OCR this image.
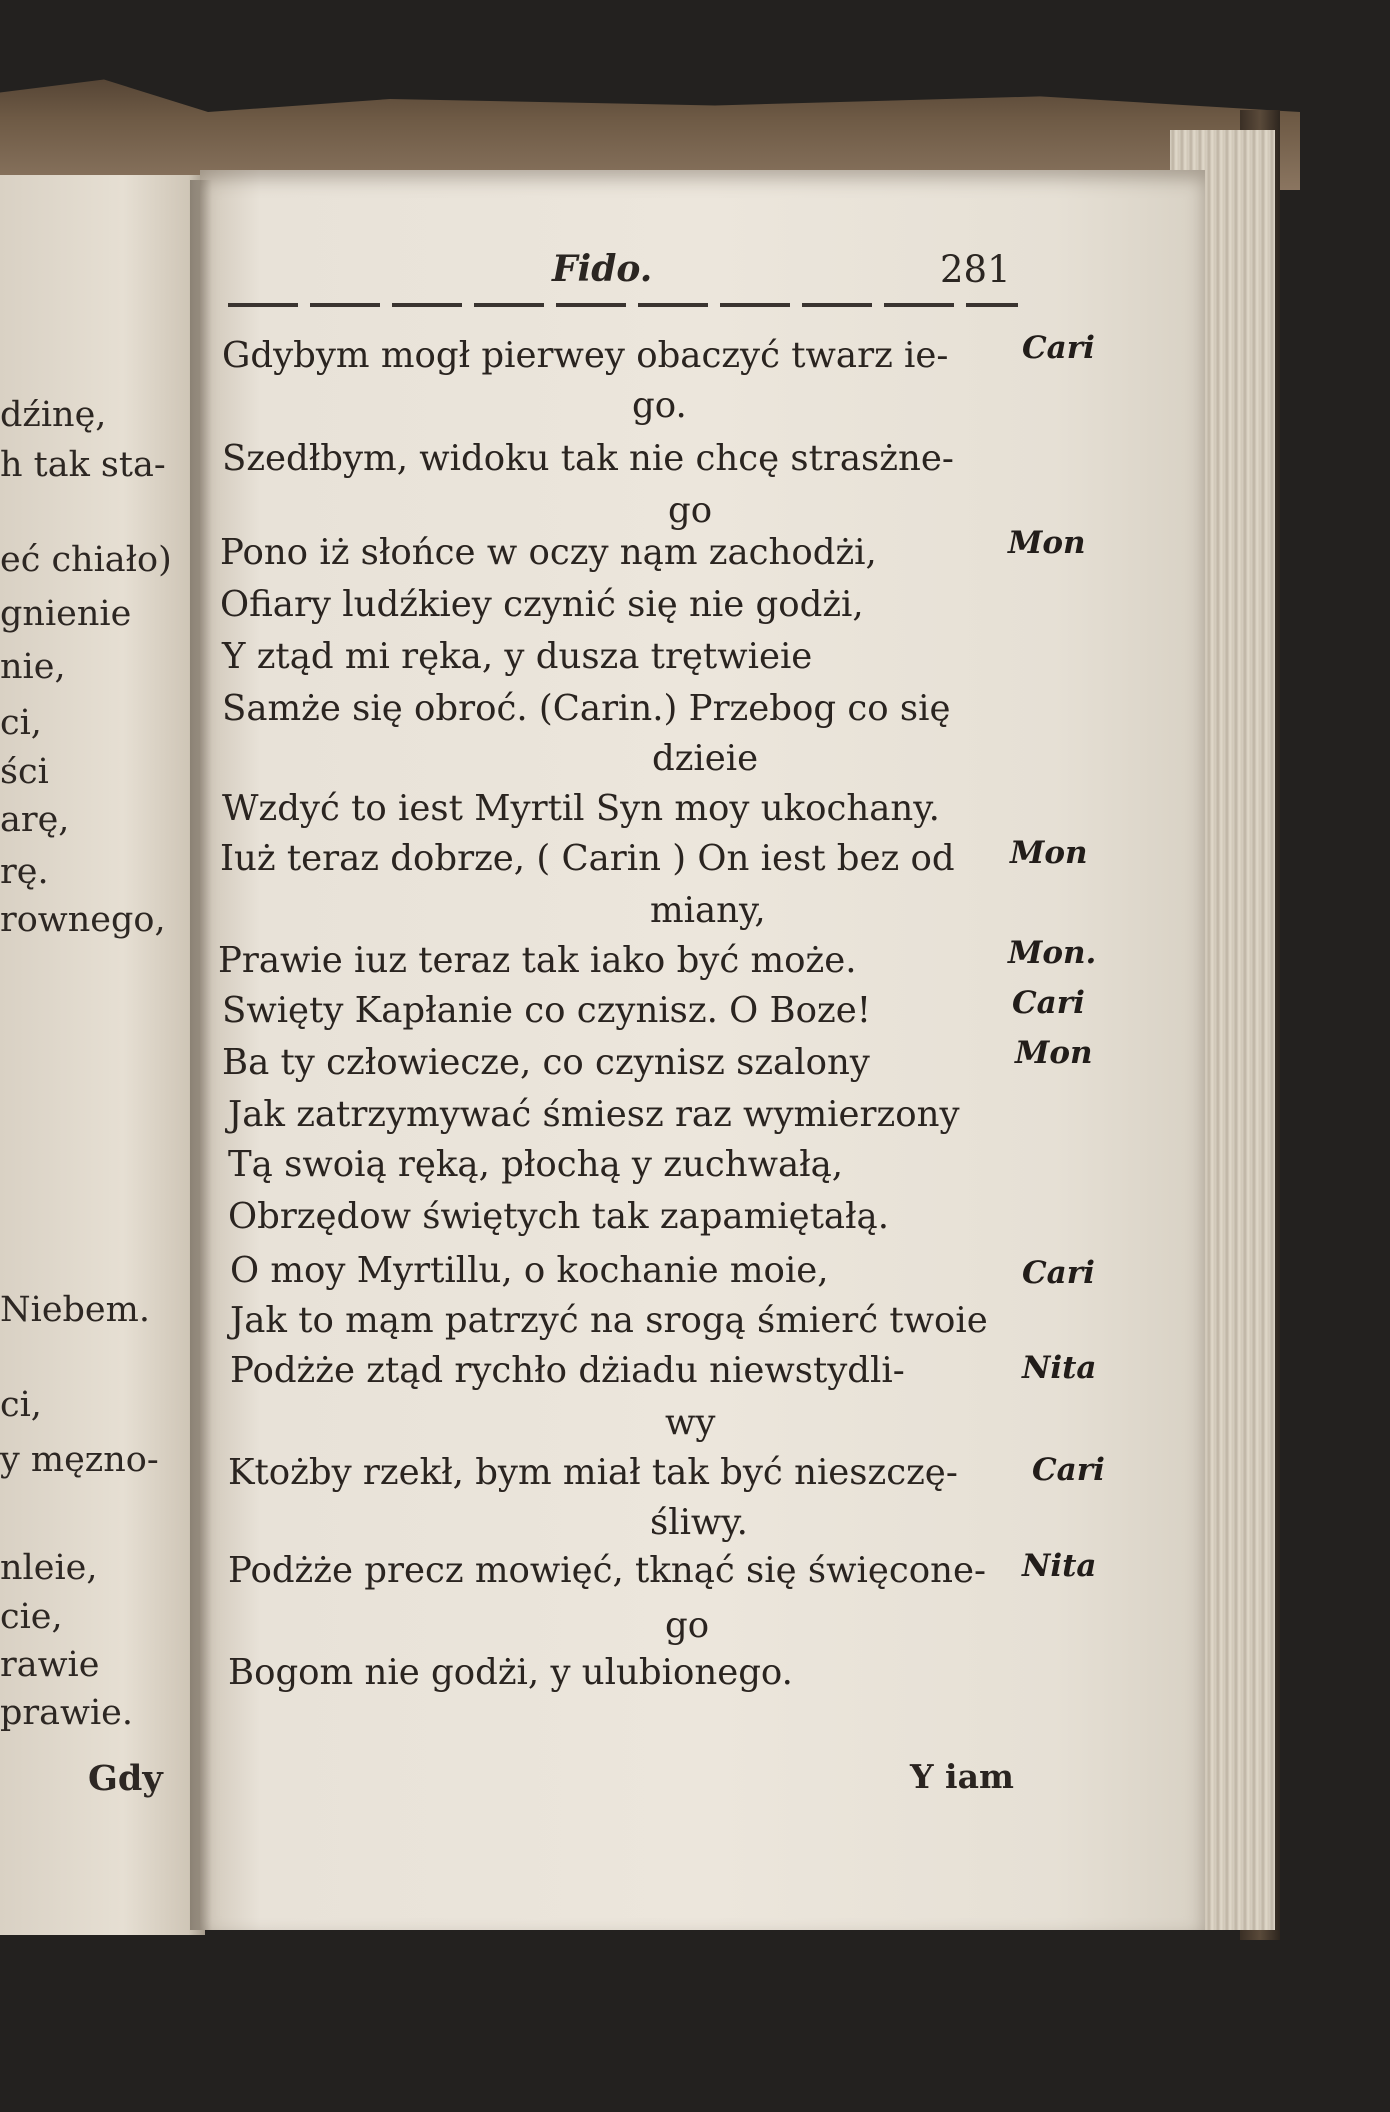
dźinę,
h tak sta-
eć chiało)
gnienie
nie,
ci,
ści
arę,
rę.
rownego,
Niebem.
ci,
y męzno-
nleie,
cie,
rawie
prawie.
Gdy
Fido.	281
Gdybym mogł pierwey obaczyć twarz ie-
go.
Szedłbym, widoku tak nie chcę strasżne-
go
Pono iż słońce w oczy nąm zachodżi,
Ofiary ludźkiey czynić się nie godżi,
Y ztąd mi ręka, y dusza trętwieie
Samże się obroć. (Carin.) Przebog co się
dzieie
Wzdyć to iest Myrtil Syn moy ukochany.
Iuż teraz dobrze, ( Carin ) On iest bez od
miany,
Prawie iuz teraz tak iako być może.
Swięty Kapłanie co czynisz. O Boze!
Ba ty człowiecze, co czynisz szalony
Jak zatrzymywać śmiesz raz wymierzony
Tą swoią ręką, płochą y zuchwałą,
Obrzędow świętych tak zapamiętałą.
O moy Myrtillu, o kochanie moie,
Jak to mąm patrzyć na srogą śmierć twoie
Podżże ztąd rychło dżiadu niewstydli-
wy
Ktożby rzekł, bym miał tak być nieszczę-
śliwy.
Podżże precz mowięć, tknąć się święcone-
go
Bogom nie godżi, y ulubionego.
Cari
Mon
Mon
Mon.
Cari
Mon
Cari
Nita
Cari
Nita
Y iam
